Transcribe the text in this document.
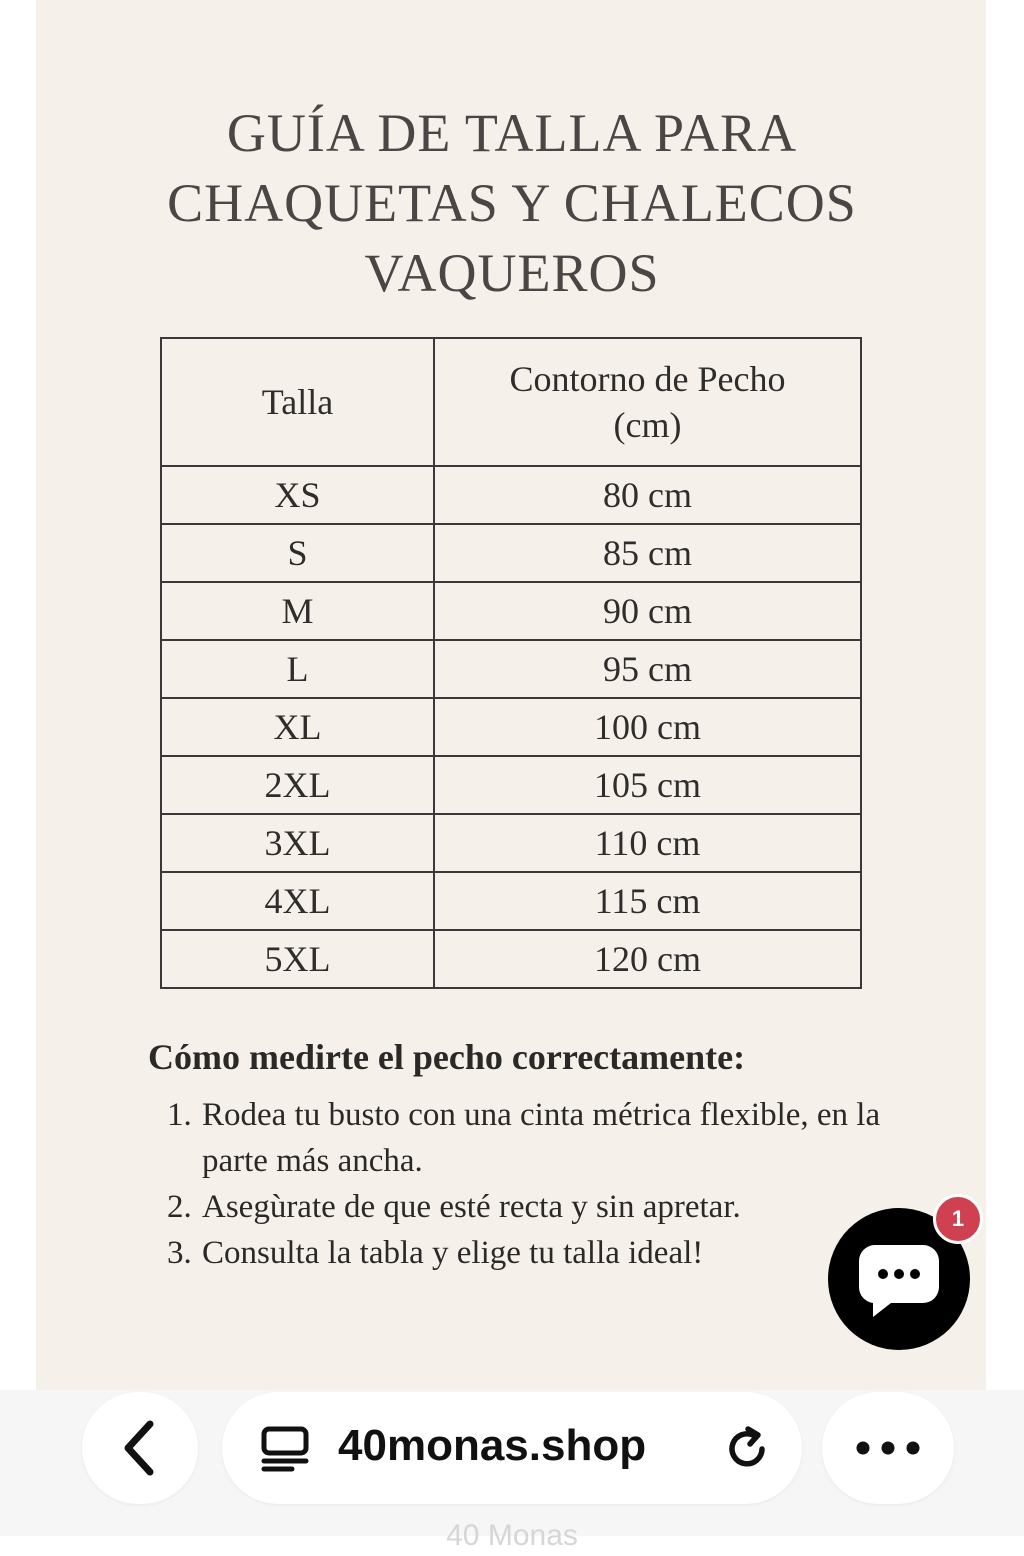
GUÍA DE TALLA PARA
CHAQUETAS Y CHALECOS
VAQUEROS
Talla	Contorno de Pecho
(cm)
XS	80 cm
S	85 cm
M	90 cm
L	95 cm
XL	100 cm
2XL	105 cm
3XL	110 cm
4XL	115 cm
5XL	120 cm
Cómo medirte el pecho correctamente:
1. Rodea tu busto con una cinta métrica flexible, en la parte más ancha.
2. Asegùrate de que esté recta y sin apretar.
3. Consulta la tabla y elige tu talla ideal!
1
40monas.shop
40 Monas
